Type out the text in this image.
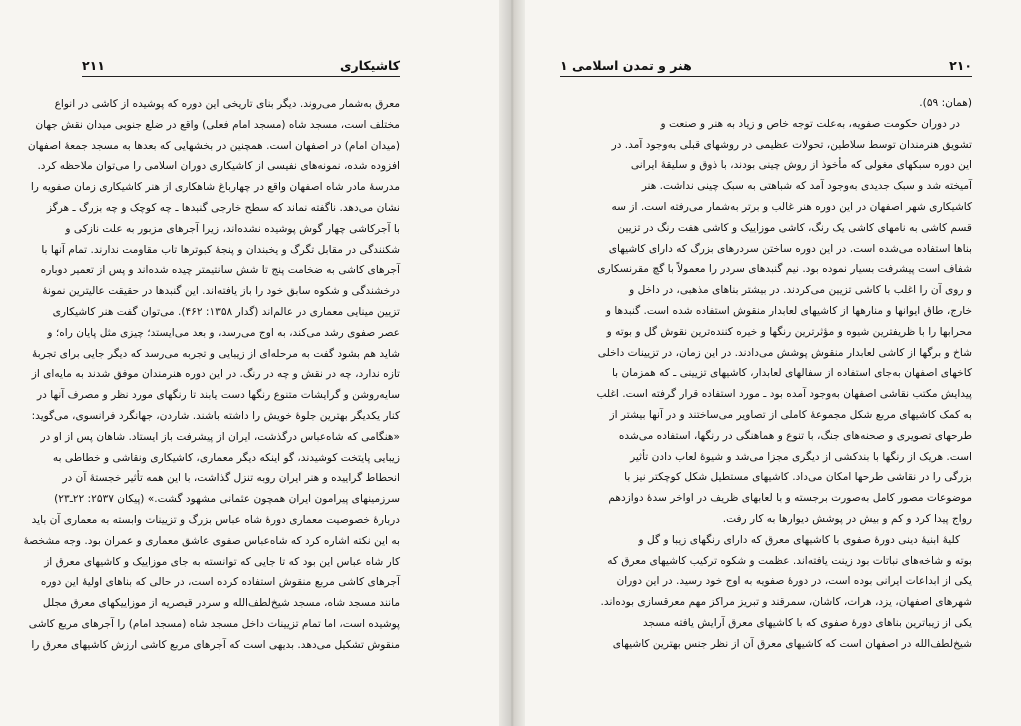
کاشیکاری
۲۱۱
معرق به‌شمار می‌روند. دیگر بنای تاریخی این دوره که پوشیده از کاشی در انواع
مختلف است، مسجد شاه (مسجد امام فعلی) واقع در ضلع جنوبی میدان نقش جهان
(میدان امام) در اصفهان است. همچنین در بخشهایی که بعدها به مسجد جمعهٔ اصفهان
افزوده شده، نمونه‌های نفیسی از کاشیکاری دوران اسلامی را می‌توان ملاحظه کرد.
مدرسهٔ مادر شاه اصفهان واقع در چهارباغ شاهکاری از هنر کاشیکاری زمان صفویه را
نشان می‌دهد. ناگفته نماند که سطح خارجی گنبدها ـ چه کوچک و چه بزرگ ـ هرگز
با آجرکاشی چهار گوش پوشیده نشده‌اند، زیرا آجرهای مزبور به علت نازکی و
شکنندگی در مقابل تگرگ و یخبندان و پنجهٔ کبوترها تاب مقاومت ندارند. تمام آنها با
آجرهای کاشی به ضخامت پنج تا شش سانتیمتر چیده شده‌اند و پس از تعمیر دوباره
درخشندگی و شکوه سابق خود را باز یافته‌اند. این گنبدها در حقیقت عالیترین نمونهٔ
تزیین مینایی معماری در عالم‌اند (گدار ۱۳۵۸: ۴۶۲). می‌توان گفت هنر کاشیکاری
عصر صفوی رشد می‌کند، به اوج می‌رسد، و بعد می‌ایستد؛ چیزی مثل پایان راه؛ و
شاید هم بشود گفت به مرحله‌ای از زیبایی و تجربه می‌رسد که دیگر جایی برای تجربهٔ
تازه ندارد، چه در نقش و چه در رنگ. در این دوره هنرمندان موفق شدند به مایه‌ای از
سایه‌روشن و گرایشات متنوع رنگها دست یابند تا رنگهای مورد نظر و مصرف آنها در
کنار یکدیگر بهترین جلوهٔ خویش را داشته باشند. شاردن، جهانگرد فرانسوی، می‌گوید:
«هنگامی که شاه‌عباس درگذشت، ایران از پیشرفت باز ایستاد. شاهان پس از او در
زیبایی پایتخت کوشیدند، گو اینکه دیگر معماری، کاشیکاری ونقاشی و خطاطی به
انحطاط گراییده و هنر ایران روبه تنزل گذاشت، با این همه تأثیر خجستهٔ آن در
سرزمینهای پیرامون ایران همچون عثمانی مشهود گشت.» (پیکان ۲۵۳۷: ۲۲ـ۲۳)
دربارهٔ خصوصیت معماری دورهٔ شاه عباس بزرگ و تزیینات وابسته به معماری آن باید
به این نکته اشاره کرد که شاه‌عباس صفوی عاشق معماری و عمران بود. وجه مشخصهٔ
کار شاه عباس این بود که تا جایی که توانسته به جای موزاییک و کاشیهای معرق از
آجرهای کاشی مربع منقوش استفاده کرده است، در حالی که بناهای اولیهٔ این دوره
مانند مسجد شاه، مسجد شیخ‌لطف‌الله و سردر قیصریه از موزاییکهای معرق مجلل
پوشیده است، اما تمام تزیینات داخل مسجد شاه (مسجد امام) را آجرهای مربع کاشی
منقوش تشکیل می‌دهد. بدیهی است که آجرهای مربع کاشی ارزش کاشیهای معرق را
۲۱۰
هنر و تمدن اسلامی ۱
(همان: ۵۹).
در دوران حکومت صفویه، به‌علت توجه خاص و زیاد به هنر و صنعت و
تشویق هنرمندان توسط سلاطین، تحولات عظیمی در روشهای قبلی به‌وجود آمد. در
این دوره سبکهای مغولی که مأخوذ از روش چینی بودند، با ذوق و سلیقهٔ ایرانی
آمیخته شد و سبک جدیدی به‌وجود آمد که شباهتی به سبک چینی نداشت. هنر
کاشیکاری شهر اصفهان در این دوره هنر غالب و برتر به‌شمار می‌رفته است. از سه
قسم کاشی به نامهای کاشی یک رنگ، کاشی موزاییک و کاشی هفت رنگ در تزیین
بناها استفاده می‌شده است. در این دوره ساختن سردرهای بزرگ که دارای کاشیهای
شفاف است پیشرفت بسیار نموده بود. نیم گنبدهای سردر را معمولاً با گچ مقرنسکاری
و روی آن را اغلب با کاشی تزیین می‌کردند. در بیشتر بناهای مذهبی، در داخل و
خارج، طاق ایوانها و منارهها از کاشیهای لعابدار منقوش استفاده شده است. گنبدها و
محرابها را با ظریفترین شیوه و مؤثرترین رنگها و خیره کننده‌ترین نقوش گل و بوته و
شاخ و برگها از کاشی لعابدار منقوش پوشش می‌دادند. در این زمان، در تزیینات داخلی
کاخهای اصفهان به‌جای استفاده از سفالهای لعابدار، کاشیهای تزیینی ـ که همزمان با
پیدایش مکتب نقاشی اصفهان به‌وجود آمده بود ـ مورد استفاده قرار گرفته است. اغلب
به کمک کاشیهای مربع شکل مجموعهٔ کاملی از تصاویر می‌ساختند و در آنها بیشتر از
طرحهای تصویری و صحنه‌های جنگ، با تنوع و هماهنگی در رنگها، استفاده می‌شده
است. هریک از رنگها با بندکشی از دیگری مجزا می‌شد و شیوهٔ لعاب دادن تأثیر
بزرگی را در نقاشی طرحها امکان می‌داد. کاشیهای مستطیل شکل کوچکتر نیز با
موضوعات مصور کامل به‌صورت برجسته و با لعابهای ظریف در اواخر سدهٔ دوازدهم
رواج پیدا کرد و کم و بیش در پوشش دیوارها به کار رفت.
کلیهٔ ابنیهٔ دینی دورهٔ صفوی با کاشیهای معرق که دارای رنگهای زیبا و گل و
بوته و شاخه‌های نباتات بود زینت یافته‌اند. عظمت و شکوه ترکیب کاشیهای معرق که
یکی از ابداعات ایرانی بوده است، در دورهٔ صفویه به اوج خود رسید. در این دوران
شهرهای اصفهان، یزد، هرات، کاشان، سمرقند و تبریز مراکز مهم معرقسازی بوده‌اند.
یکی از زیباترین بناهای دورهٔ صفوی که با کاشیهای معرق آرایش یافته مسجد
شیخ‌لطف‌الله در اصفهان است که کاشیهای معرق آن از نظر جنس بهترین کاشیهای
